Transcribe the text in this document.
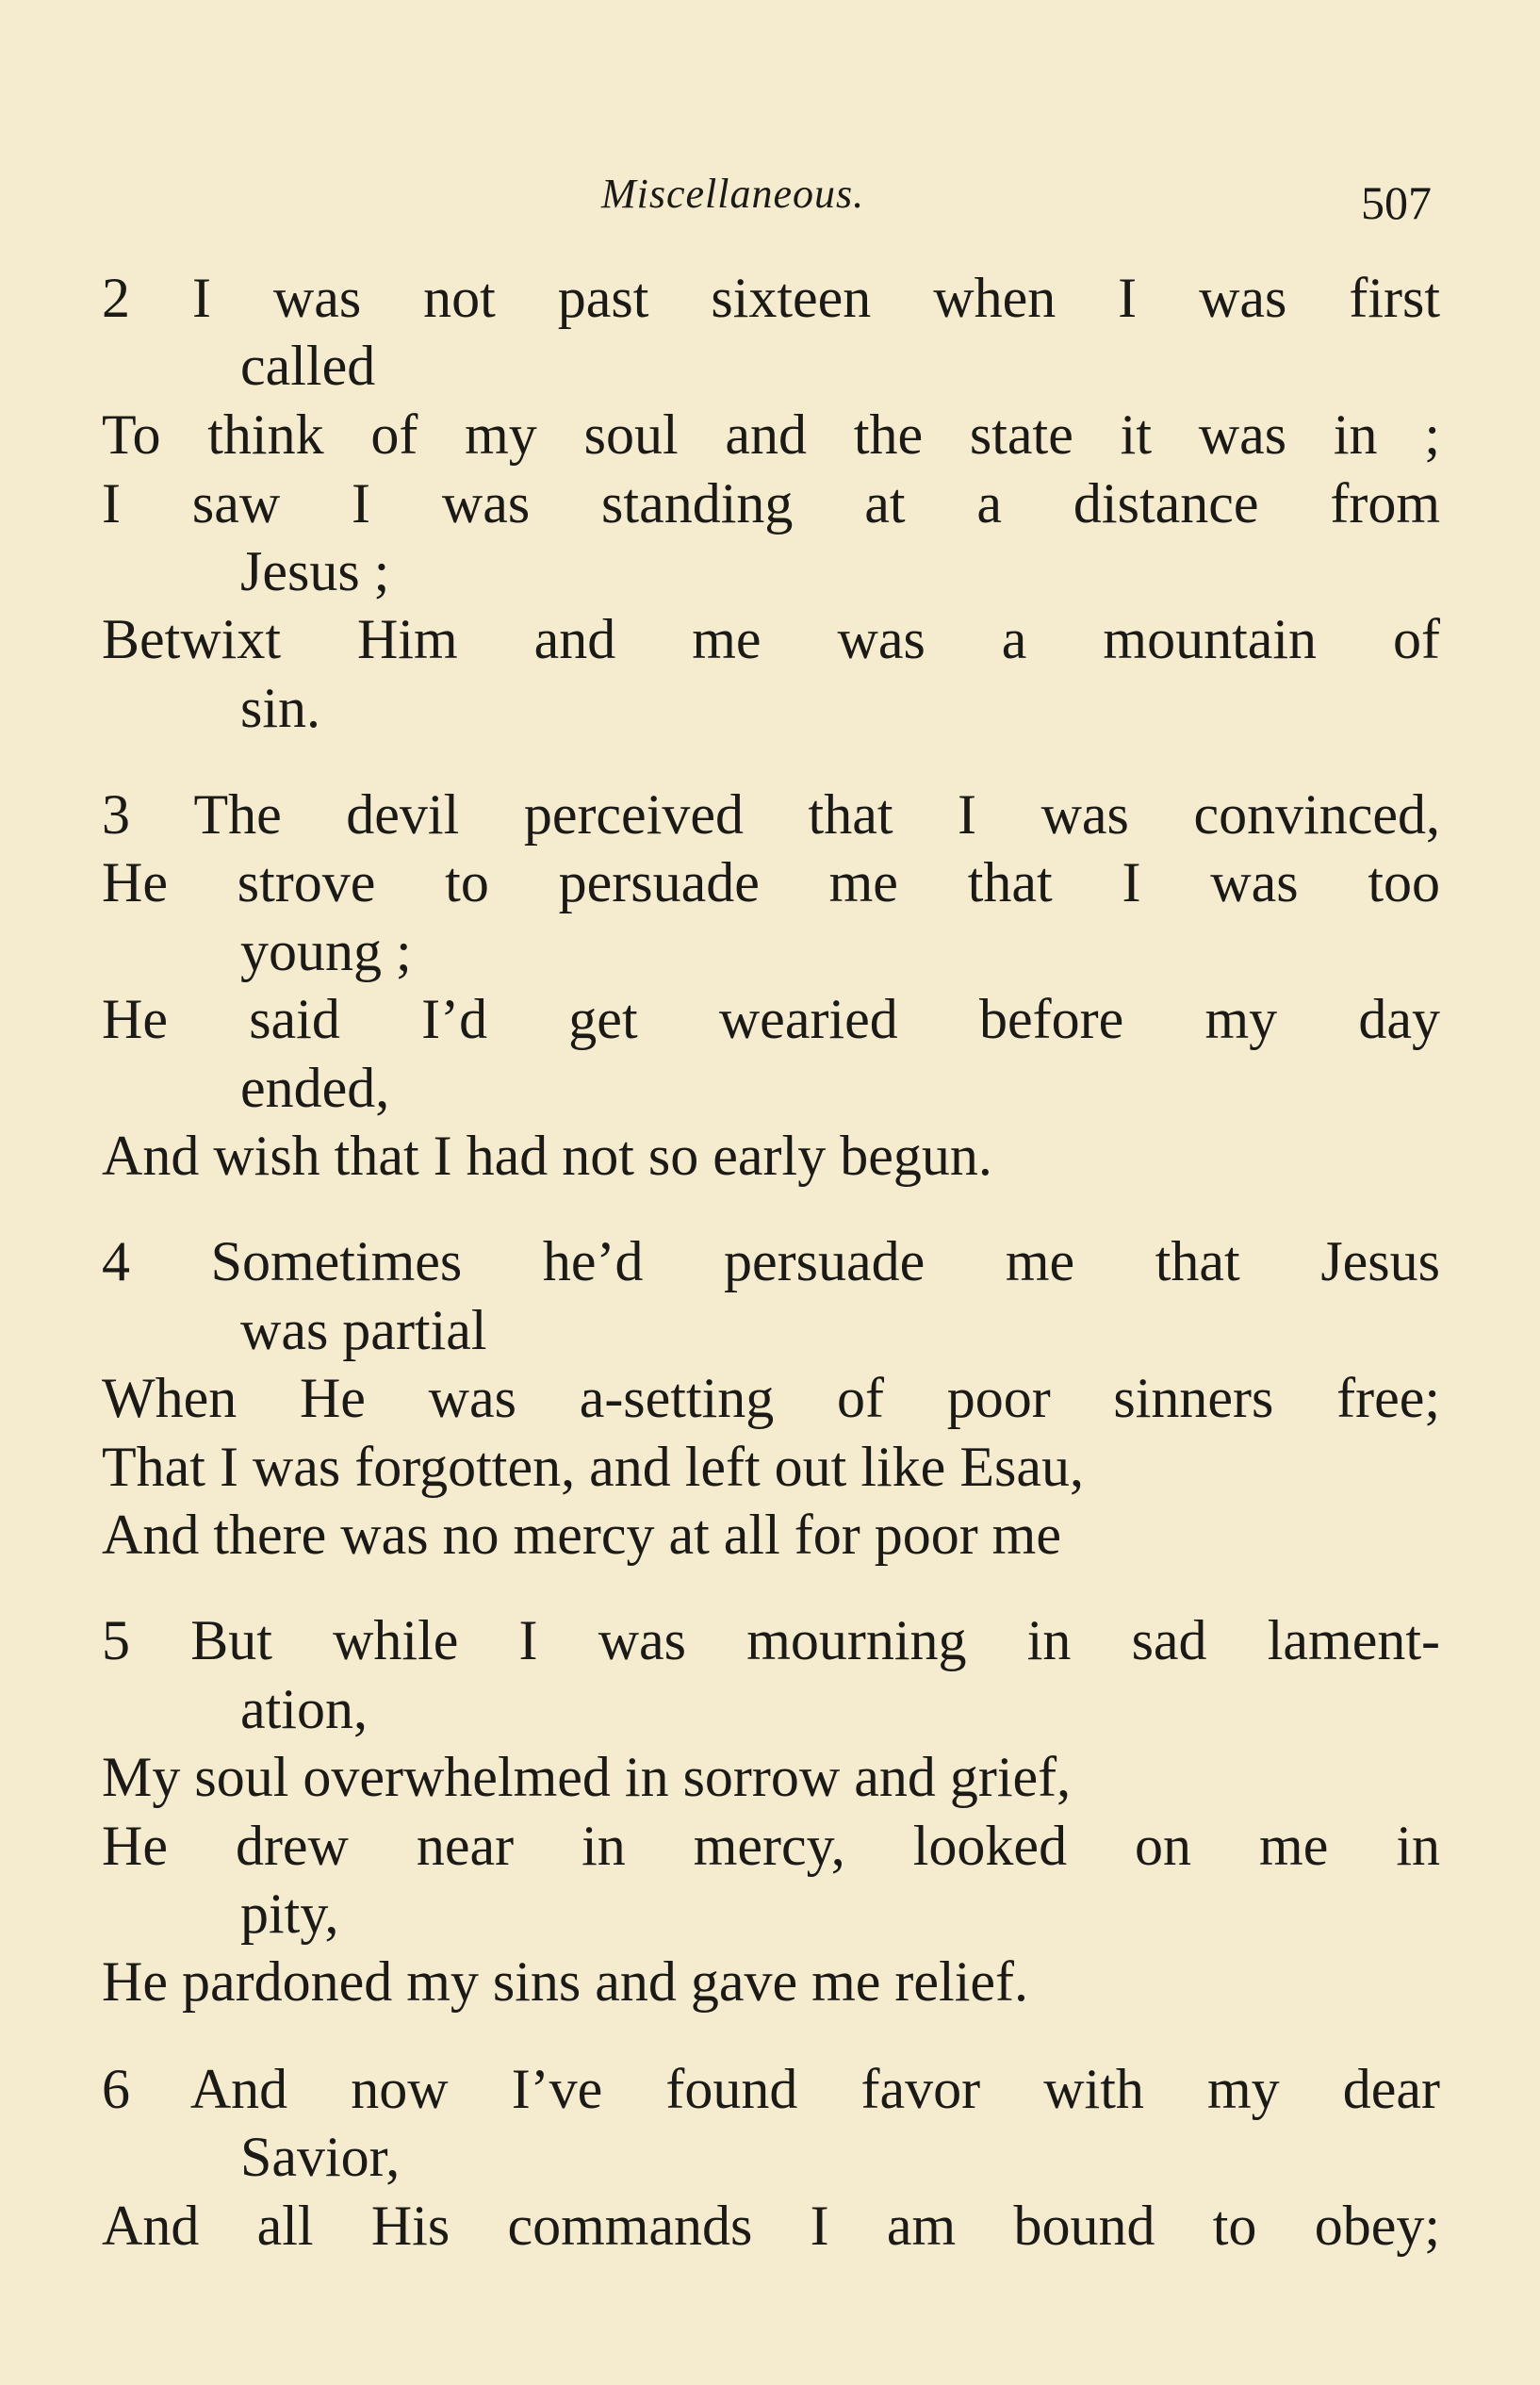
Miscellaneous.	507
2 I was not past sixteen when I was first
called
To think of my soul and the state it was in ;
I saw I was standing at a distance from
Jesus ;
Betwixt Him and me was a mountain of
sin.
3 The devil perceived that I was convinced,
He strove to persuade me that I was too
young ;
He said I’d get wearied before my day
ended,
And wish that I had not so early begun.
4 Sometimes he’d persuade me that Jesus
was partial
When He was a-setting of poor sinners free;
That I was forgotten, and left out like Esau,
And there was no mercy at all for poor me
5 But while I was mourning in sad lament-
ation,
My soul overwhelmed in sorrow and grief,
He drew near in mercy, looked on me in
pity,
He pardoned my sins and gave me relief.
6 And now I’ve found favor with my dear
Savior,
And all His commands I am bound to obey;
